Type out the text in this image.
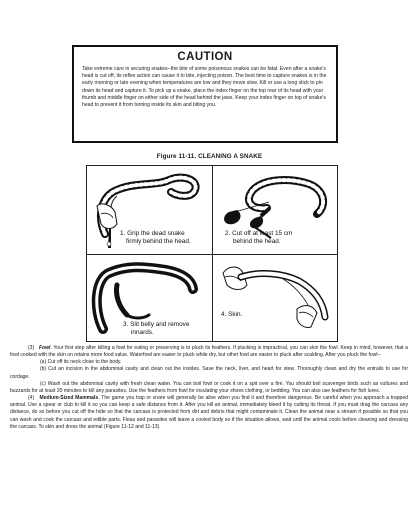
CAUTION

Take extreme care in securing snakes--the bite of some poisonous snakes can be fatal. Even after a snake's head is cut off, its reflex action can cause it to bite, injecting poison. The best time to capture snakes is in the early morning or late evening when temperatures are low and they move slow. Kill or use a long stick to pin down its head and capture it. To pick up a snake, place the index finger on the top rear of its head with your thumb and middle finger on either side of the head behind the jaws. Keep your index finger on top of snake's head to prevent it from turning inside its skin and biting you.

Figure 11-11. CLEANING A SNAKE
1. Grip the dead snake
firmly behind the head.
2. Cut off at least 15 cm
behind the head.
3. Slit belly and remove
innards.
4. Skin.

(3) Fowl. Your first step after killing a fowl for eating or preserving is to pluck its feathers. If plucking is impractical, you can skin the fowl. Keep in mind, however, that a fowl cooked with the skin on retains more food value. Waterfowl are easier to pluck while dry, but other fowl are easier to pluck after scalding. After you pluck the fowl--

(a) Cut off its neck close to the body.

(b) Cut an incision in the abdominal cavity and clean out the insides. Save the neck, liver, and heart for stew. Thoroughly clean and dry the entrails to use for cordage.

(c) Wash out the abdominal cavity with fresh clean water. You can boil fowl or cook it on a spit over a fire. You should boil scavenger birds such as vultures and buzzards for at least 20 minutes to kill any parasites. Use the feathers from fowl for insulating your shoes clothing, or bedding. You can also use feathers for fish lures.

(4) Medium-Sized Mammals. The game you trap or snare will generally be alive when you find it and therefore dangerous. Be careful when you approach a trapped animal. Use a spear or club to kill it so you can keep a safe distance from it. After you kill an animal, immediately bleed it by cutting its throat. If you must drag the carcass any distance, do so before you cut off the hide so that the carcass is protected from dirt and debris that might contaminate it. Clean the animal near a stream if possible so that you can wash and cook the carcass and edible parts. Fleas and parasites will leave a cooled body so if the situation allows, wait until the animal cools before cleaning and dressing the carcass. To skin and dress the animal (Figure 11-12 and 11-13).
